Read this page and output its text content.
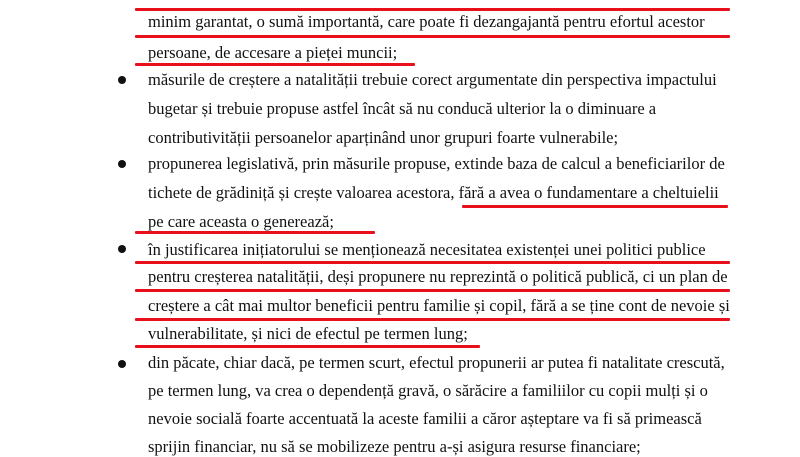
minim garantat, o sumă importantă, care poate fi dezangajantă pentru efortul acestor
persoane, de accesare a pieței muncii;
măsurile de creștere a natalității trebuie corect argumentate din perspectiva impactului
bugetar și trebuie propuse astfel încât să nu conducă ulterior la o diminuare a
contributivității persoanelor aparținând unor grupuri foarte vulnerabile;
propunerea legislativă, prin măsurile propuse, extinde baza de calcul a beneficiarilor de
tichete de grădiniță și crește valoarea acestora, fără a avea o fundamentare a cheltuielii
pe care aceasta o generează;
în justificarea inițiatorului se menționează necesitatea existenței unei politici publice
pentru creșterea natalității, deși propunere nu reprezintă o politică publică, ci un plan de
creștere a cât mai multor beneficii pentru familie și copil, fără a se ține cont de nevoie și
vulnerabilitate, și nici de efectul pe termen lung;
din păcate, chiar dacă, pe termen scurt, efectul propunerii ar putea fi natalitate crescută,
pe termen lung, va crea o dependență gravă, o sărăcire a familiilor cu copii mulți și o
nevoie socială foarte accentuată la aceste familii a căror așteptare va fi să primească
sprijin financiar, nu să se mobilizeze pentru a-și asigura resurse financiare;
